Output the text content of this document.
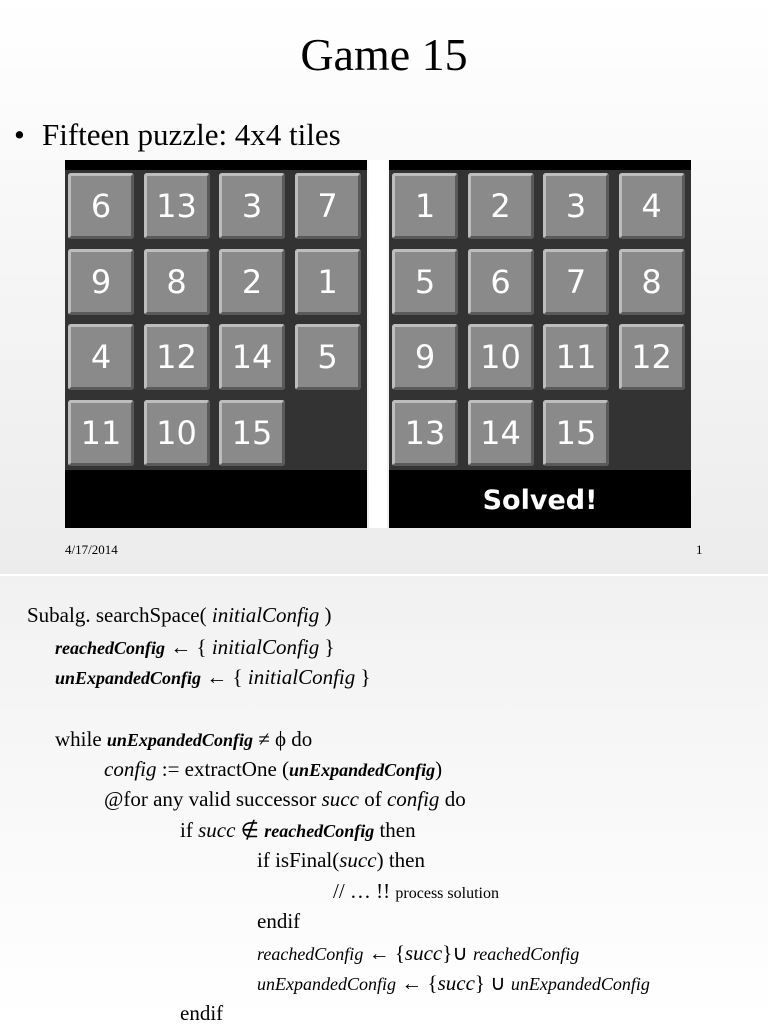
Game 15
• Fifteen puzzle: 4x4 tiles
6	13	3	7
9	8	2	1
4	12	14	5
11	10	15
1	2	3	4
5	6	7	8
9	10	11	12
13	14	15
Solved!
4/17/2014	1
Subalg. searchSpace( initialConfig )
reachedConfig ← { initialConfig }
unExpandedConfig ← { initialConfig }
while unExpandedConfig ≠ ϕ do
config := extractOne (unExpandedConfig)
@for any valid successor succ of config do
if succ ∉ reachedConfig then
if isFinal(succ) then
// … !! process solution
endif
reachedConfig ← {succ}∪ reachedConfig
unExpandedConfig ← {succ} ∪ unExpandedConfig
endif
